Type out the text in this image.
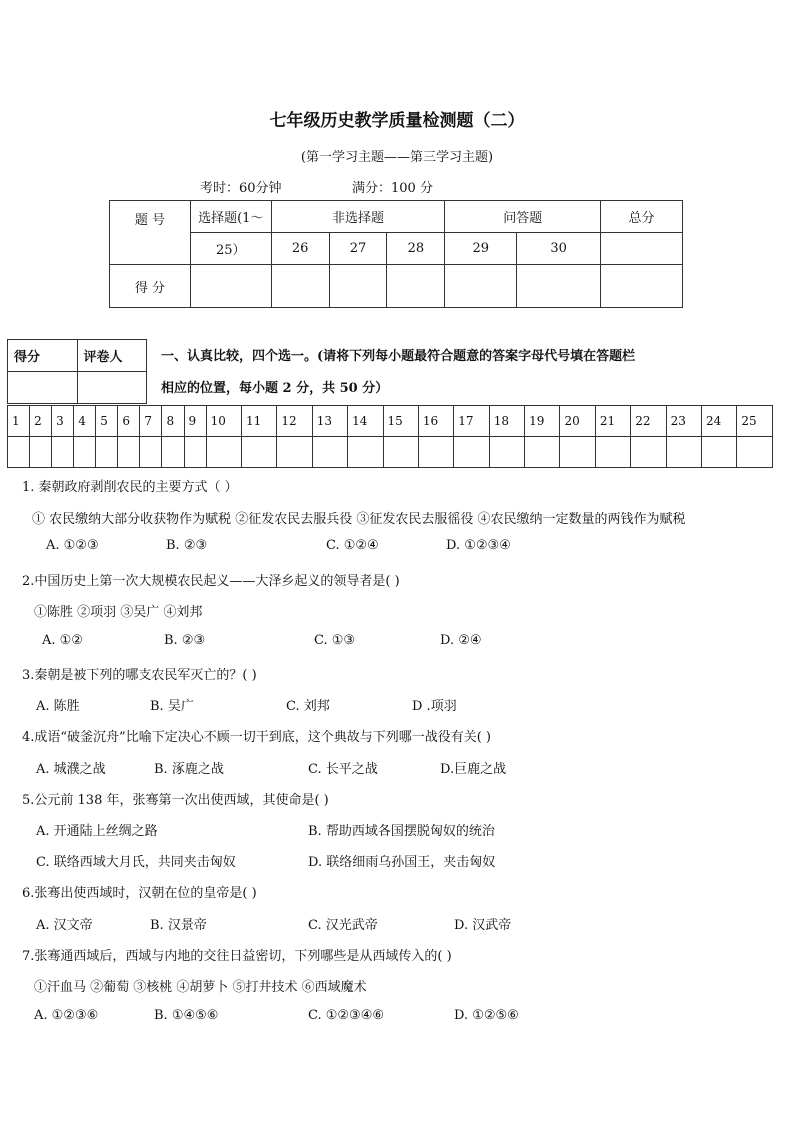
七年级历史教学质量检测题（二）
(第一学习主题——第三学习主题)
考时：60分钟	满分：100 分
题 号	选择题(1～	非选择题			问答题		总分
	25）	26	27	28	29	30	
得 分							
得分	评卷人
		一、认真比较，四个选一。(请将下列每小题最符合题意的答案字母代号填在答题栏
相应的位置，每小题 2 分，共 50 分）
1	2	3	4	5	6	7	8	9	10	11	12	13	14	15	16	17	18	19	20	21	22	23	24	25

1. 秦朝政府剥削农民的主要方式（ ）
① 农民缴纳大部分收获物作为赋税 ②征发农民去服兵役 ③征发农民去服徭役 ④农民缴纳一定数量的两钱作为赋税
A. ①②③	B. ②③	C. ①②④	D. ①②③④
2.中国历史上第一次大规模农民起义——大泽乡起义的领导者是( )
①陈胜 ②项羽 ③吴广 ④刘邦
A. ①②	B. ②③	C. ①③	D. ②④
3.秦朝是被下列的哪支农民军灭亡的？( )
A. 陈胜	B. 吴广	C. 刘邦	D .项羽
4.成语“破釜沉舟”比喻下定决心不顾一切干到底，这个典故与下列哪一战役有关( )
A. 城濮之战	B. 涿鹿之战	C. 长平之战	D.巨鹿之战
5.公元前 138 年，张骞第一次出使西域，其使命是( )
A. 开通陆上丝绸之路	B. 帮助西域各国摆脱匈奴的统治
C. 联络西域大月氏，共同夹击匈奴	D. 联络细雨乌孙国王，夹击匈奴
6.张骞出使西域时，汉朝在位的皇帝是( )
A. 汉文帝	B. 汉景帝	C. 汉光武帝	D. 汉武帝
7.张骞通西域后，西域与内地的交往日益密切，下列哪些是从西域传入的( )
①汗血马 ②葡萄 ③核桃 ④胡萝卜 ⑤打井技术 ⑥西域魔术
A. ①②③⑥	B. ①④⑤⑥	C. ①②③④⑥	D. ①②⑤⑥
